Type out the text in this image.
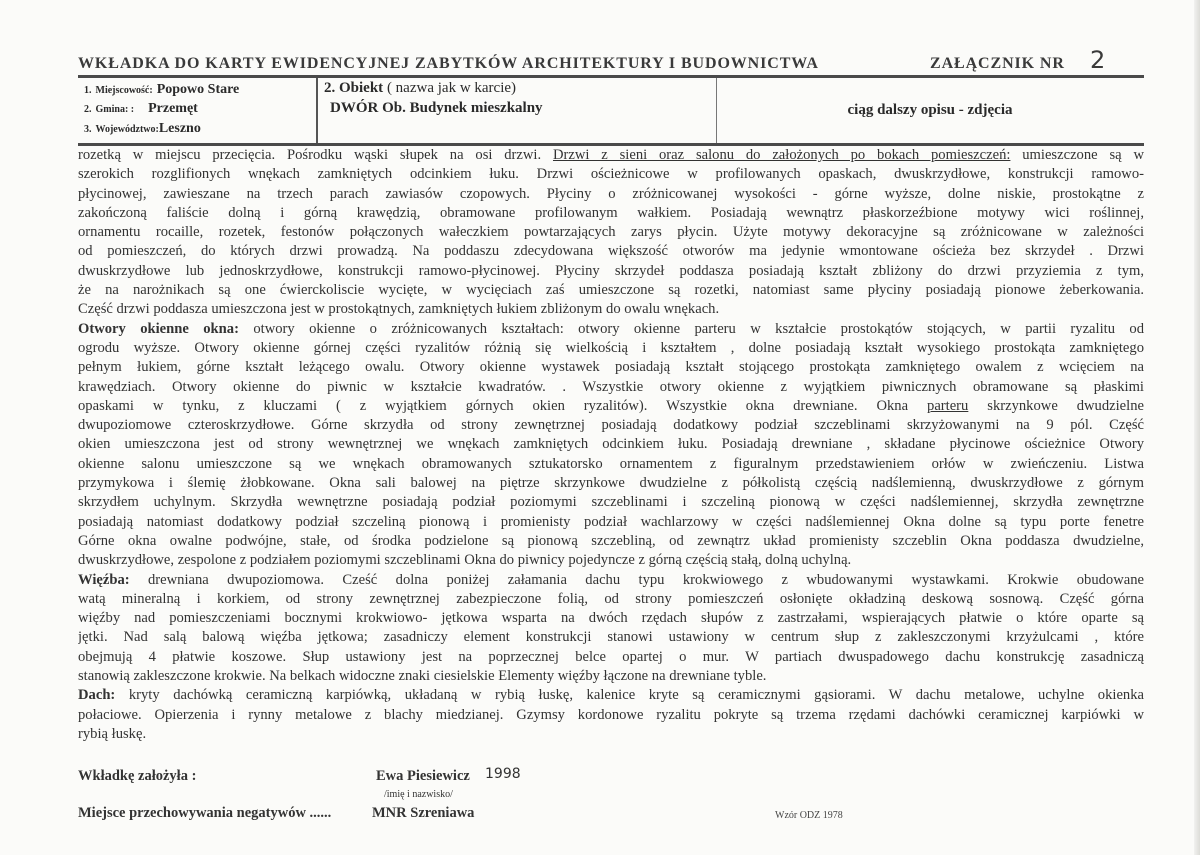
WKŁADKA DO KARTY EWIDENCYJNEJ ZABYTKÓW ARCHITEKTURY I BUDOWNICTWA	ZAŁĄCZNIK NR 2
1. Miejscowość: Popowo Stare
2. Gmina: : Przemęt
3. Województwo:Leszno
2. Obiekt ( nazwa jak w karcie)
DWÓR Ob. Budynek mieszkalny	ciąg dalszy opisu - zdjęcia
rozetką w miejscu przecięcia. Pośrodku wąski słupek na osi drzwi. Drzwi z sieni oraz salonu do założonych po bokach pomieszczeń: umieszczone są w
szerokich rozglifionych wnękach zamkniętych odcinkiem łuku. Drzwi ościeżnicowe w profilowanych opaskach, dwuskrzydłowe, konstrukcji ramowo-
płycinowej, zawieszane na trzech parach zawiasów czopowych. Płyciny o zróżnicowanej wysokości - górne wyższe, dolne niskie, prostokątne z
zakończoną faliście dolną i górną krawędzią, obramowane profilowanym wałkiem. Posiadają wewnątrz płaskorzeźbione motywy wici roślinnej,
ornamentu rocaille, rozetek, festonów połączonych wałeczkiem powtarzających zarys płycin. Użyte motywy dekoracyjne są zróżnicowane w zależności
od pomieszczeń, do których drzwi prowadzą. Na poddaszu zdecydowana większość otworów ma jedynie wmontowane ościeża bez skrzydeł . Drzwi
dwuskrzydłowe lub jednoskrzydłowe, konstrukcji ramowo-płycinowej. Płyciny skrzydeł poddasza posiadają kształt zbliżony do drzwi przyziemia z tym,
że na narożnikach są one ćwierckoliscie wycięte, w wycięciach zaś umieszczone są rozetki, natomiast same płyciny posiadają pionowe żeberkowania.
Część drzwi poddasza umieszczona jest w prostokątnych, zamkniętych łukiem zbliżonym do owalu wnękach.
Otwory okienne okna: otwory okienne o zróżnicowanych kształtach: otwory okienne parteru w kształcie prostokątów stojących, w partii ryzalitu od
ogrodu wyższe. Otwory okienne górnej części ryzalitów różnią się wielkością i kształtem , dolne posiadają kształt wysokiego prostokąta zamkniętego
pełnym łukiem, górne kształt leżącego owalu. Otwory okienne wystawek posiadają kształt stojącego prostokąta zamkniętego owalem z wcięciem na
krawędziach. Otwory okienne do piwnic w kształcie kwadratów. . Wszystkie otwory okienne z wyjątkiem piwnicznych obramowane są płaskimi
opaskami w tynku, z kluczami ( z wyjątkiem górnych okien ryzalitów). Wszystkie okna drewniane. Okna parteru skrzynkowe dwudzielne
dwupoziomowe czteroskrzydłowe. Górne skrzydła od strony zewnętrznej posiadają dodatkowy podział szczeblinami skrzyżowanymi na 9 pól. Część
okien umieszczona jest od strony wewnętrznej we wnękach zamkniętych odcinkiem łuku. Posiadają drewniane , składane płycinowe ościeżnice Otwory
okienne salonu umieszczone są we wnękach obramowanych sztukatorsko ornamentem z figuralnym przedstawieniem orłów w zwieńczeniu. Listwa
przymykowa i ślemię żłobkowane. Okna sali balowej na piętrze skrzynkowe dwudzielne z półkolistą częścią nadślemienną, dwuskrzydłowe z górnym
skrzydłem uchylnym. Skrzydła wewnętrzne posiadają podział poziomymi szczeblinami i szczeliną pionową w części nadślemiennej, skrzydła zewnętrzne
posiadają natomiast dodatkowy podział szczeliną pionową i promienisty podział wachlarzowy w części nadślemiennej Okna dolne są typu porte fenetre
Górne okna owalne podwójne, stałe, od środka podzielone są pionową szczebliną, od zewnątrz układ promienisty szczeblin Okna poddasza dwudzielne,
dwuskrzydłowe, zespolone z podziałem poziomymi szczeblinami Okna do piwnicy pojedyncze z górną częścią stałą, dolną uchylną.
Więźba: drewniana dwupoziomowa. Cześć dolna poniżej załamania dachu typu krokwiowego z wbudowanymi wystawkami. Krokwie obudowane
watą mineralną i korkiem, od strony zewnętrznej zabezpieczone folią, od strony pomieszczeń osłonięte okładziną deskową sosnową. Część górna
więźby nad pomieszczeniami bocznymi krokwiowo- jętkowa wsparta na dwóch rzędach słupów z zastrzałami, wspierających płatwie o które oparte są
jętki. Nad salą balową więźba jętkowa; zasadniczy element konstrukcji stanowi ustawiony w centrum słup z zakleszczonymi krzyżulcami , które
obejmują 4 płatwie koszowe. Słup ustawiony jest na poprzecznej belce opartej o mur. W partiach dwuspadowego dachu konstrukcję zasadniczą
stanowią zakleszczone krokwie. Na belkach widoczne znaki ciesielskie Elementy więźby łączone na drewniane tyble.
Dach: kryty dachówką ceramiczną karpiówką, układaną w rybią łuskę, kalenice kryte są ceramicznymi gąsiorami. W dachu metalowe, uchylne okienka
połaciowe. Opierzenia i rynny metalowe z blachy miedzianej. Gzymsy kordonowe ryzalitu pokryte są trzema rzędami dachówki ceramicznej karpiówki w
rybią łuskę.
Wkładkę założyła :	Ewa Piesiewicz 1998
/imię i nazwisko/
Miejsce przechowywania negatywów ......	MNR Szreniawa	Wzór ODZ 1978
